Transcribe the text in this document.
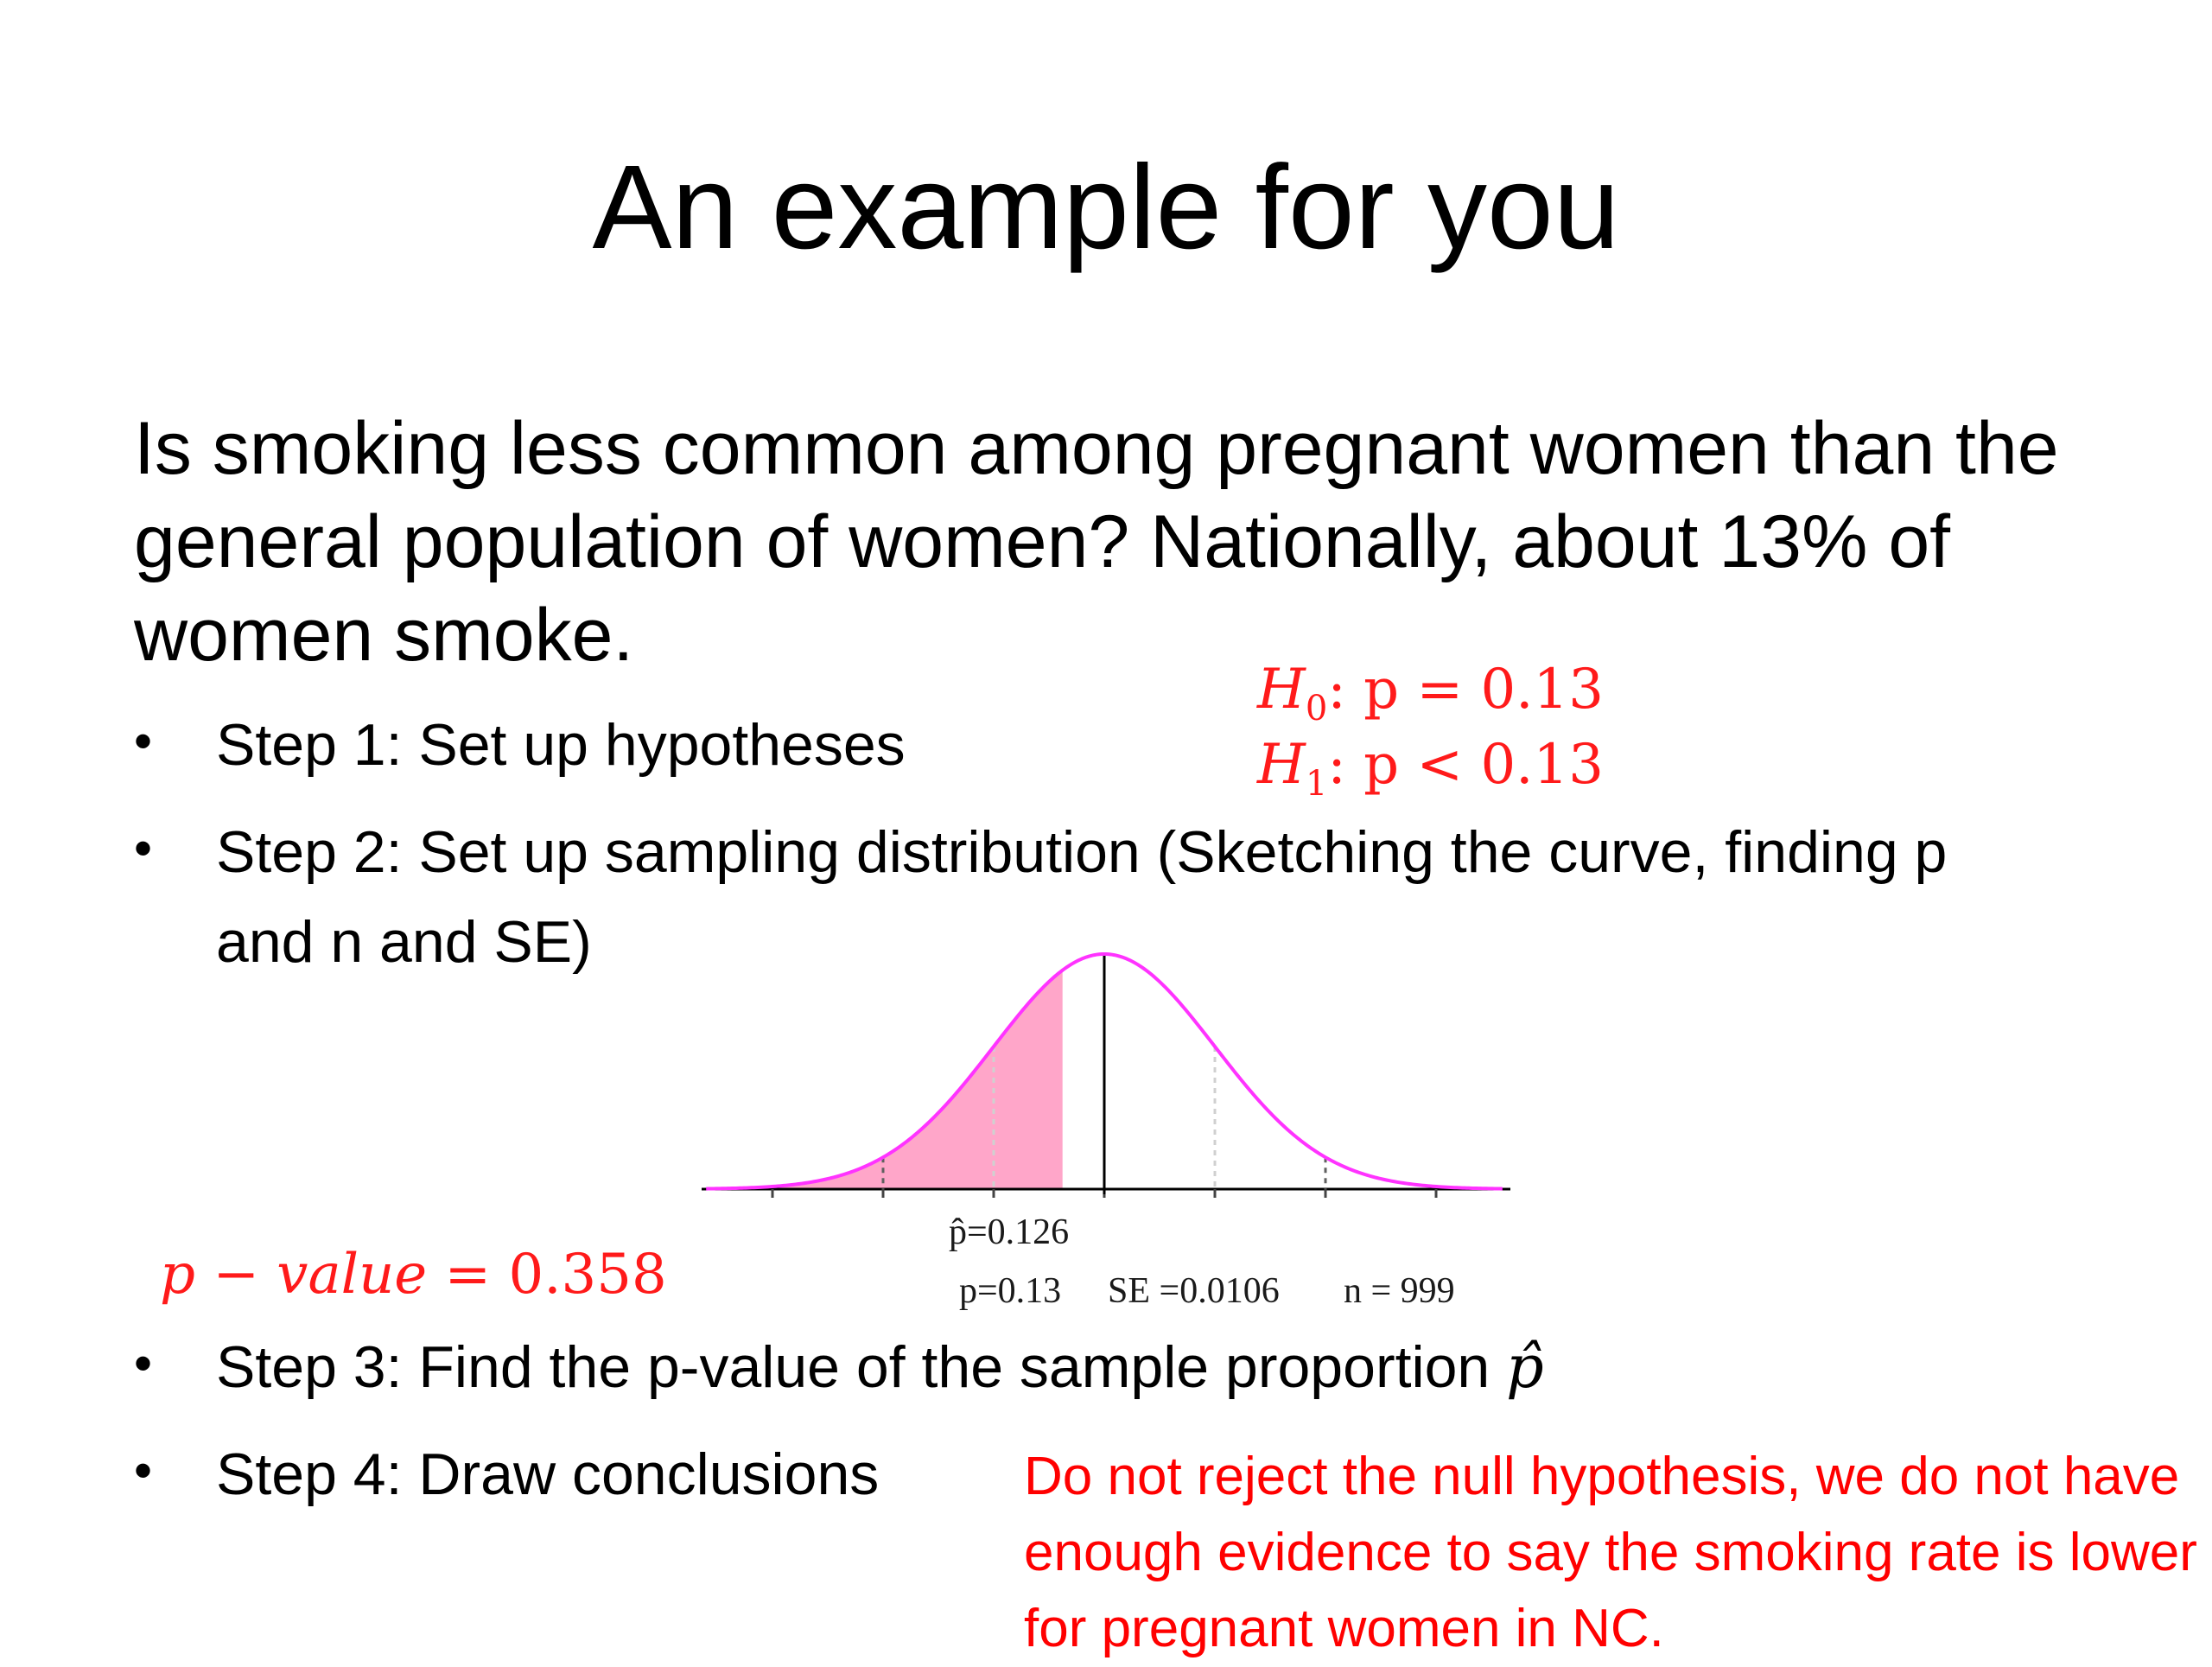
An example for you
Is smoking less common among pregnant women than the general population of women? Nationally, about 13% of women smoke.
• Step 1: Set up hypotheses
$H_0$: p = 0.13
$H_1$: p < 0.13
• Step 2: Set up sampling distribution (Sketching the curve, finding p
and n and SE)
p̂=0.126
p=0.13 SE =0.0106 n = 999
p − value = 0.358
• Step 3: Find the p-value of the sample proportion p̂
• Step 4: Draw conclusions	Do not reject the null hypothesis, we do not have enough evidence to say the smoking rate is lower for pregnant women in NC.
